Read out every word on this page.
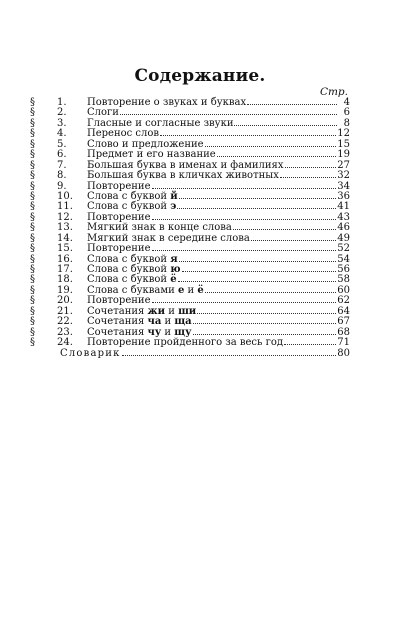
Содержание.
Стр.
§	1.	Повторение о звуках и буквах	4
§	2.	Слоги	6
§	3.	Гласные и согласные звуки	8
§	4.	Перенос слов	12
§	5.	Слово и предложение	15
§	6.	Предмет и его название	19
§	7.	Большая буква в именах и фамилиях	27
§	8.	Большая буква в кличках животных	32
§	9.	Повторение	34
§	10.	Слова с буквой й	36
§	11.	Слова с буквой э	41
§	12.	Повторение	43
§	13.	Мягкий знак в конце слова	46
§	14.	Мягкий знак в середине слова	49
§	15.	Повторение	52
§	16.	Слова с буквой я	54
§	17.	Слова с буквой ю	56
§	18.	Слова с буквой ё	58
§	19.	Слова с буквами е и ё	60
§	20.	Повторение	62
§	21.	Сочетания жи и ши	64
§	22.	Сочетания ча и ща	67
§	23.	Сочетания чу и щу	68
§	24.	Повторение пройденного за весь год	71
Словарик	80
